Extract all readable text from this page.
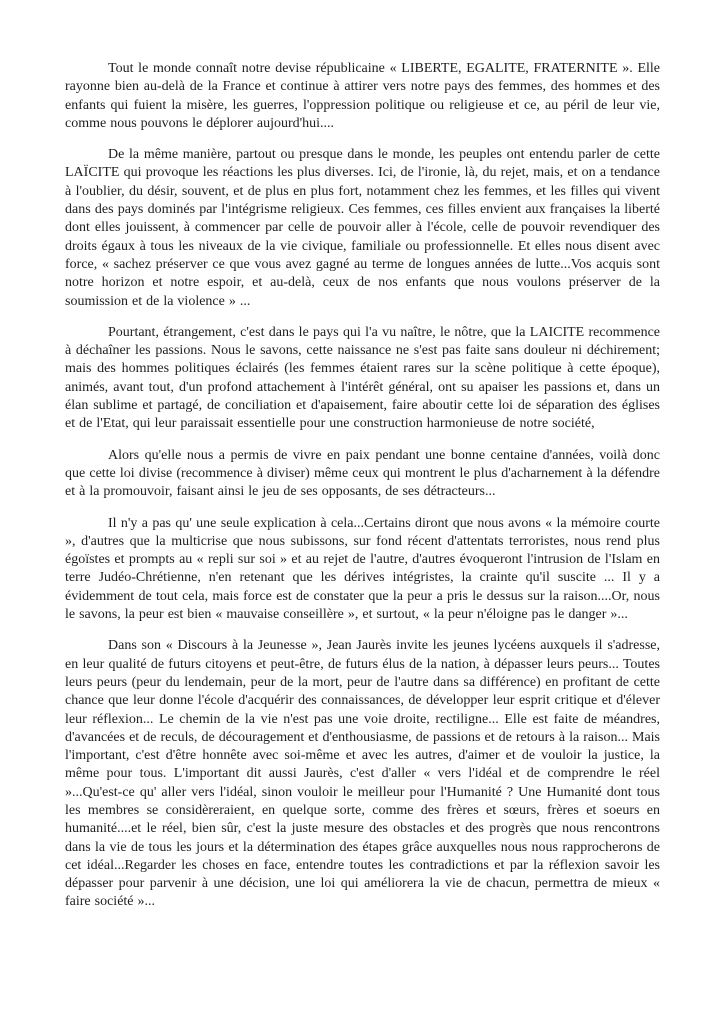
Tout le monde connaît notre devise républicaine « LIBERTE, EGALITE, FRATERNITE ». Elle rayonne bien au-delà de la France et continue à attirer vers notre pays des femmes, des hommes et des enfants qui fuient la misère, les guerres, l'oppression politique ou religieuse et ce, au péril de leur vie, comme nous pouvons le déplorer aujourd'hui....

De la même manière, partout ou presque dans le monde, les peuples ont entendu parler de cette LAÏCITE qui provoque les réactions les plus diverses. Ici, de l'ironie, là, du rejet, mais, et on a tendance à l'oublier, du désir, souvent, et de plus en plus fort, notamment chez les femmes, et les filles qui vivent dans des pays dominés par l'intégrisme religieux. Ces femmes, ces filles envient aux françaises la liberté dont elles jouissent, à commencer par celle de pouvoir aller à l'école, celle de pouvoir revendiquer des droits égaux à tous les niveaux de la vie civique, familiale ou professionnelle. Et elles nous disent avec force, « sachez préserver ce que vous avez gagné au terme de longues années de lutte...Vos acquis sont notre horizon et notre espoir, et au-delà, ceux de nos enfants que nous voulons préserver de la soumission et de la violence » ...

Pourtant, étrangement, c'est dans le pays qui l'a vu naître, le nôtre, que la LAICITE recommence à déchaîner les passions. Nous le savons, cette naissance ne s'est pas faite sans douleur ni déchirement; mais des hommes politiques éclairés (les femmes étaient rares sur la scène politique à cette époque), animés, avant tout, d'un profond attachement à l'intérêt général, ont su apaiser les passions et, dans un élan sublime et partagé, de conciliation et d'apaisement, faire aboutir cette loi de séparation des églises et de l'Etat, qui leur paraissait essentielle pour une construction harmonieuse de notre société,

Alors qu'elle nous a permis de vivre en paix pendant une bonne centaine d'années, voilà donc que cette loi divise (recommence à diviser) même ceux qui montrent le plus d'acharnement à la défendre et à la promouvoir, faisant ainsi le jeu de ses opposants, de ses détracteurs...

Il n'y a pas qu' une seule explication à cela...Certains diront que nous avons « la mémoire courte », d'autres que la multicrise que nous subissons, sur fond récent d'attentats terroristes, nous rend plus égoïstes et prompts au « repli sur soi » et au rejet de l'autre, d'autres évoqueront l'intrusion de l'Islam en terre Judéo-Chrétienne, n'en retenant que les dérives intégristes, la crainte qu'il suscite ... Il y a évidemment de tout cela, mais force est de constater que la peur a pris le dessus sur la raison....Or, nous le savons, la peur est bien « mauvaise conseillère », et surtout, « la peur n'éloigne pas le danger »...

Dans son « Discours à la Jeunesse », Jean Jaurès invite les jeunes lycéens auxquels il s'adresse, en leur qualité de futurs citoyens et peut-être, de futurs élus de la nation, à dépasser leurs peurs... Toutes leurs peurs (peur du lendemain, peur de la mort, peur de l'autre dans sa différence) en profitant de cette chance que leur donne l'école d'acquérir des connaissances, de développer leur esprit critique et d'élever leur réflexion... Le chemin de la vie n'est pas une voie droite, rectiligne... Elle est faite de méandres, d'avancées et de reculs, de découragement et d'enthousiasme, de passions et de retours à la raison... Mais l'important, c'est d'être honnête avec soi-même et avec les autres, d'aimer et de vouloir la justice, la même pour tous. L'important dit aussi Jaurès, c'est d'aller « vers l'idéal et de comprendre le réel »...Qu'est-ce qu' aller vers l'idéal, sinon vouloir le meilleur pour l'Humanité ? Une Humanité dont tous les membres se considèreraient, en quelque sorte, comme des frères et sœurs, frères et soeurs en humanité....et le réel, bien sûr, c'est la juste mesure des obstacles et des progrès que nous rencontrons dans la vie de tous les jours et la détermination des étapes grâce auxquelles nous nous rapprocherons de cet idéal...Regarder les choses en face, entendre toutes les contradictions et par la réflexion savoir les dépasser pour parvenir à une décision, une loi qui améliorera la vie de chacun, permettra de mieux « faire société »...
